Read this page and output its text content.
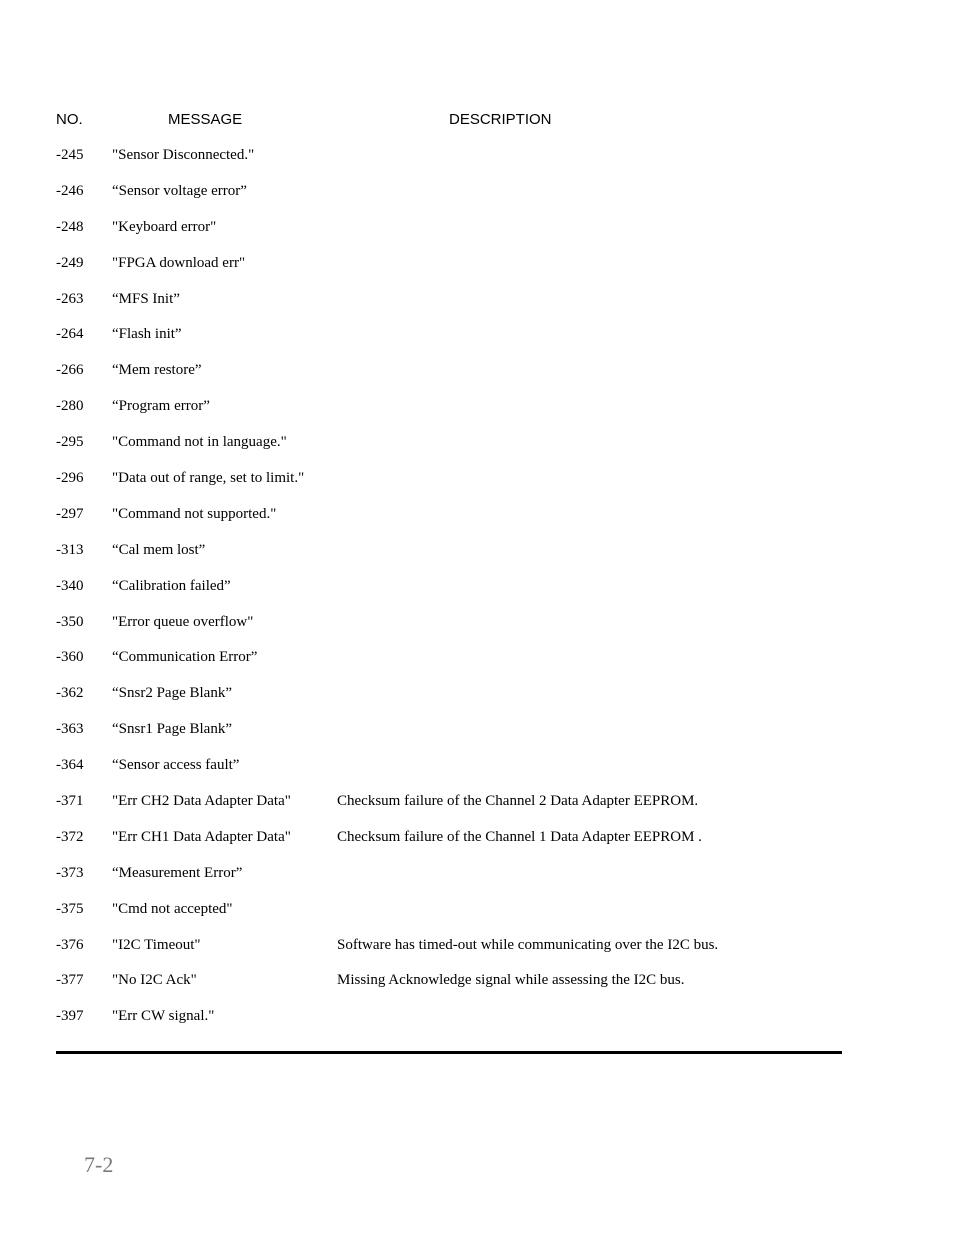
NO.	MESSAGE	DESCRIPTION
-245 "Sensor Disconnected."
-246 “Sensor voltage error”
-248 "Keyboard error"
-249 "FPGA download err"
-263 “MFS Init”
-264 “Flash init”
-266 “Mem restore”
-280 “Program error”
-295 "Command not in language."
-296 "Data out of range, set to limit."
-297 "Command not supported."
-313 “Cal mem lost”
-340 “Calibration failed”
-350 "Error queue overflow"
-360 “Communication Error”
-362 “Snsr2 Page Blank”
-363 “Snsr1 Page Blank”
-364 “Sensor access fault”
-371 "Err CH2 Data Adapter Data"	Checksum failure of the Channel 2 Data Adapter EEPROM.
-372 "Err CH1 Data Adapter Data"	Checksum failure of the Channel 1 Data Adapter EEPROM .
-373 “Measurement Error”
-375 "Cmd not accepted"
-376 "I2C Timeout"	Software has timed-out while communicating over the I2C bus.
-377 "No I2C Ack"	Missing Acknowledge signal while assessing the I2C bus.
-397 "Err CW signal."
7-2
